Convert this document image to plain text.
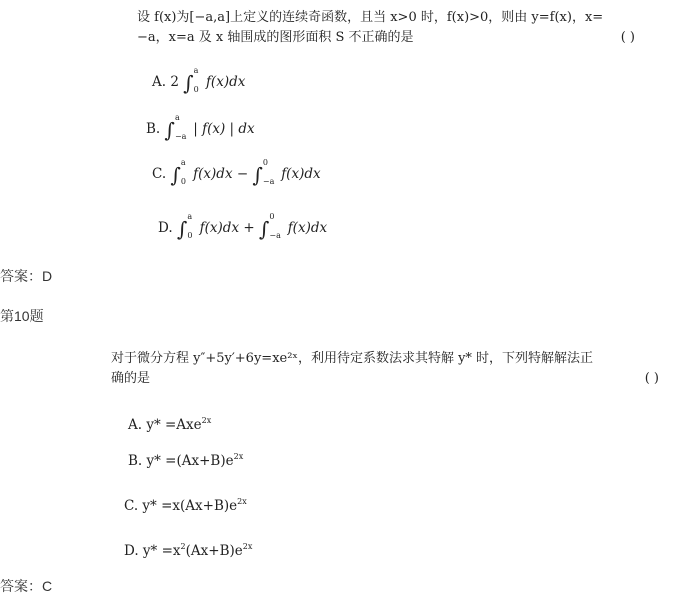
设 f(x)为[−a,a]上定义的连续奇函数，且当 x>0 时，f(x)>0，则由 y=f(x)，x=
−a，x=a 及 x 轴围成的图形面积 S 不正确的是	( )
A. 2 ∫
a
0 f(x)dx
B. ∫
a
−a | f(x) | dx
C. ∫
a
0 f(x)dx − ∫
0
−a f(x)dx
D. ∫
a
0 f(x)dx + ∫
0
−a f(x)dx
答案：D
第10题
对于微分方程 y″+5y′+6y=xe²ˣ，利用待定系数法求其特解 y* 时，下列特解解法正
确的是	( )
A. y* =Axe$^{2x}$
B. $y* =(Ax+B)e^{2x}$
C. $y* =x(Ax+B)e^{2x}$
D. $y* =x^2(Ax+B)e^{2x}$
答案：C
